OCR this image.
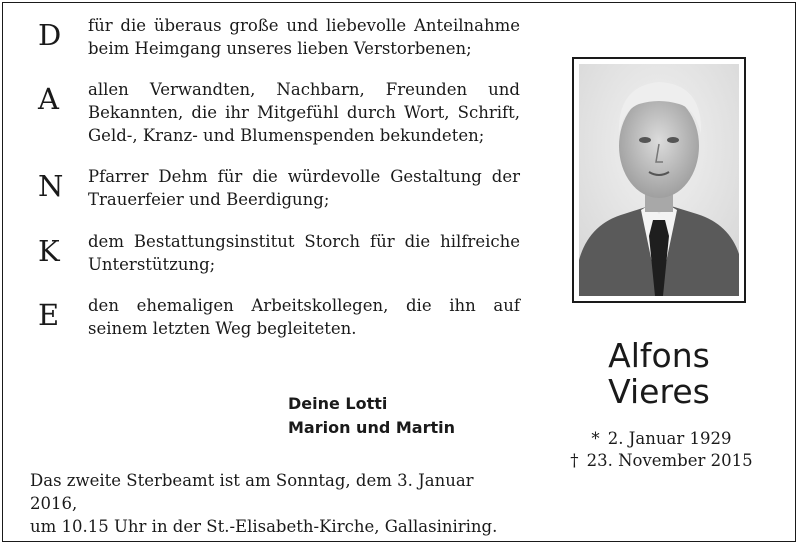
D	für die überaus große und liebevolle Anteilnahme beim Heimgang unseres lieben Verstorbenen;
A	allen Verwandten, Nachbarn, Freunden und Bekannten, die ihr Mitgefühl durch Wort, Schrift, Geld-, Kranz- und Blumenspenden bekundeten;
N	Pfarrer Dehm für die würdevolle Gestaltung der Trauerfeier und Beerdigung;
K	dem Bestattungsinstitut Storch für die hilfreiche Unterstützung;
E	den ehemaligen Arbeitskollegen, die ihn auf seinem letzten Weg begleiteten.
Deine Lotti
Marion und Martin
Das zweite Sterbeamt ist am Sonntag, dem 3. Januar 2016,
um 10.15 Uhr in der St.-Elisabeth-Kirche, Gallasiniring.
Alfons
Vieres
* 2. Januar 1929
† 23. November 2015
